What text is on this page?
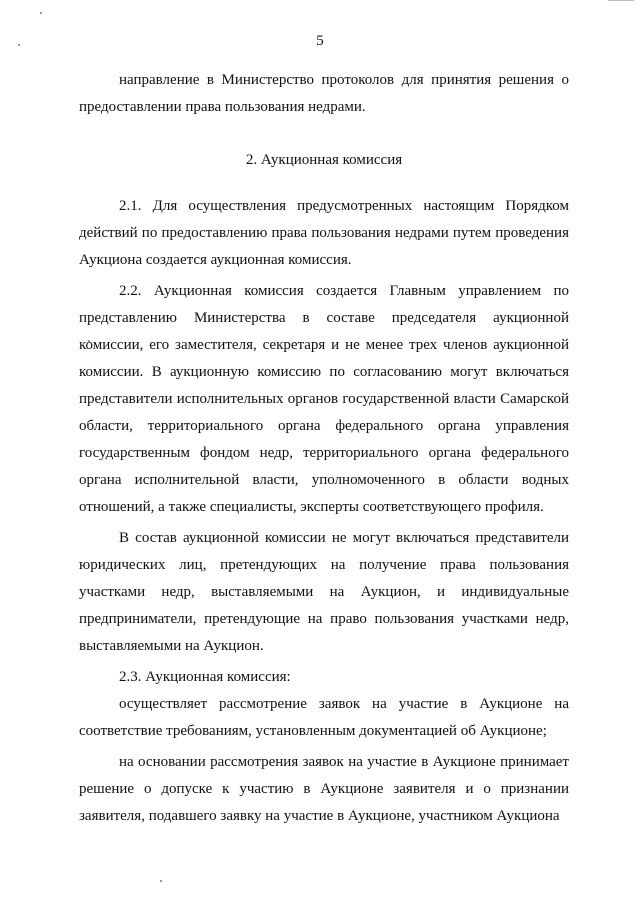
5

направление в Министерство протоколов для принятия решения о предоставлении права пользования недрами.

2. Аукционная комиссия

2.1. Для осуществления предусмотренных настоящим Порядком действий по предоставлению права пользования недрами путем проведения Аукциона создается аукционная комиссия.

2.2. Аукционная комиссия создается Главным управлением по представлению Министерства в составе председателя аукционной комиссии, его заместителя, секретаря и не менее трех членов аукционной комиссии. В аукционную комиссию по согласованию могут включаться представители исполнительных органов государственной власти Самарской области, территориального органа федерального органа управления государственным фондом недр, территориального органа федерального органа исполнительной власти, уполномоченного в области водных отношений, а также специалисты, эксперты соответствующего профиля.

В состав аукционной комиссии не могут включаться представители юридических лиц, претендующих на получение права пользования участками недр, выставляемыми на Аукцион, и индивидуальные предприниматели, претендующие на право пользования участками недр, выставляемыми на Аукцион.

2.3. Аукционная комиссия:

осуществляет рассмотрение заявок на участие в Аукционе на соответствие требованиям, установленным документацией об Аукционе;

на основании рассмотрения заявок на участие в Аукционе принимает решение о допуске к участию в Аукционе заявителя и о признании заявителя, подавшего заявку на участие в Аукционе, участником Аукциона
